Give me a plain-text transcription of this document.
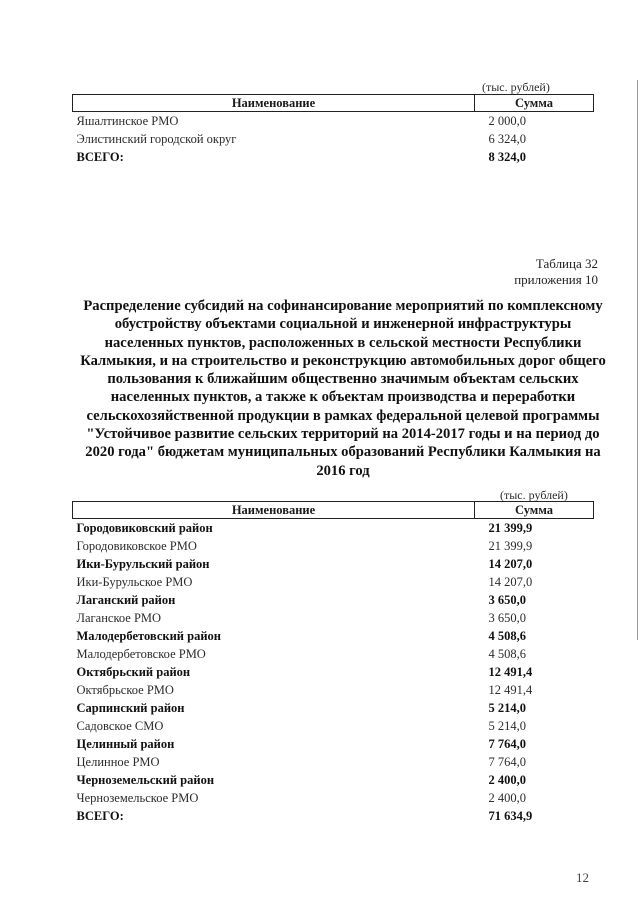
(тыс. рублей)
Наименование	Сумма
Яшалтинское РМО	2 000,0
Элистинский городской округ	6 324,0
ВСЕГО:	8 324,0
Таблица 32
приложения 10
Распределение субсидий на софинансирование мероприятий по комплексному обустройству объектами социальной и инженерной инфраструктуры населенных пунктов, расположенных в сельской местности Республики Калмыкия, и на строительство и реконструкцию автомобильных дорог общего пользования к ближайшим общественно значимым объектам сельских населенных пунктов, а также к объектам производства и переработки сельскохозяйственной продукции в рамках федеральной целевой программы "Устойчивое развитие сельских территорий на 2014-2017 годы и на период до 2020 года" бюджетам муниципальных образований Республики Калмыкия на 2016 год
(тыс. рублей)
Наименование	Сумма
Городовиковский район	21 399,9
Городовиковское РМО	21 399,9
Ики-Бурульский район	14 207,0
Ики-Бурульское РМО	14 207,0
Лаганский район	3 650,0
Лаганское РМО	3 650,0
Малодербетовский район	4 508,6
Малодербетовское РМО	4 508,6
Октябрьский район	12 491,4
Октябрьское РМО	12 491,4
Сарпинский район	5 214,0
Садовское СМО	5 214,0
Целинный район	7 764,0
Целинное РМО	7 764,0
Черноземельский район	2 400,0
Черноземельское РМО	2 400,0
ВСЕГО:	71 634,9
12
